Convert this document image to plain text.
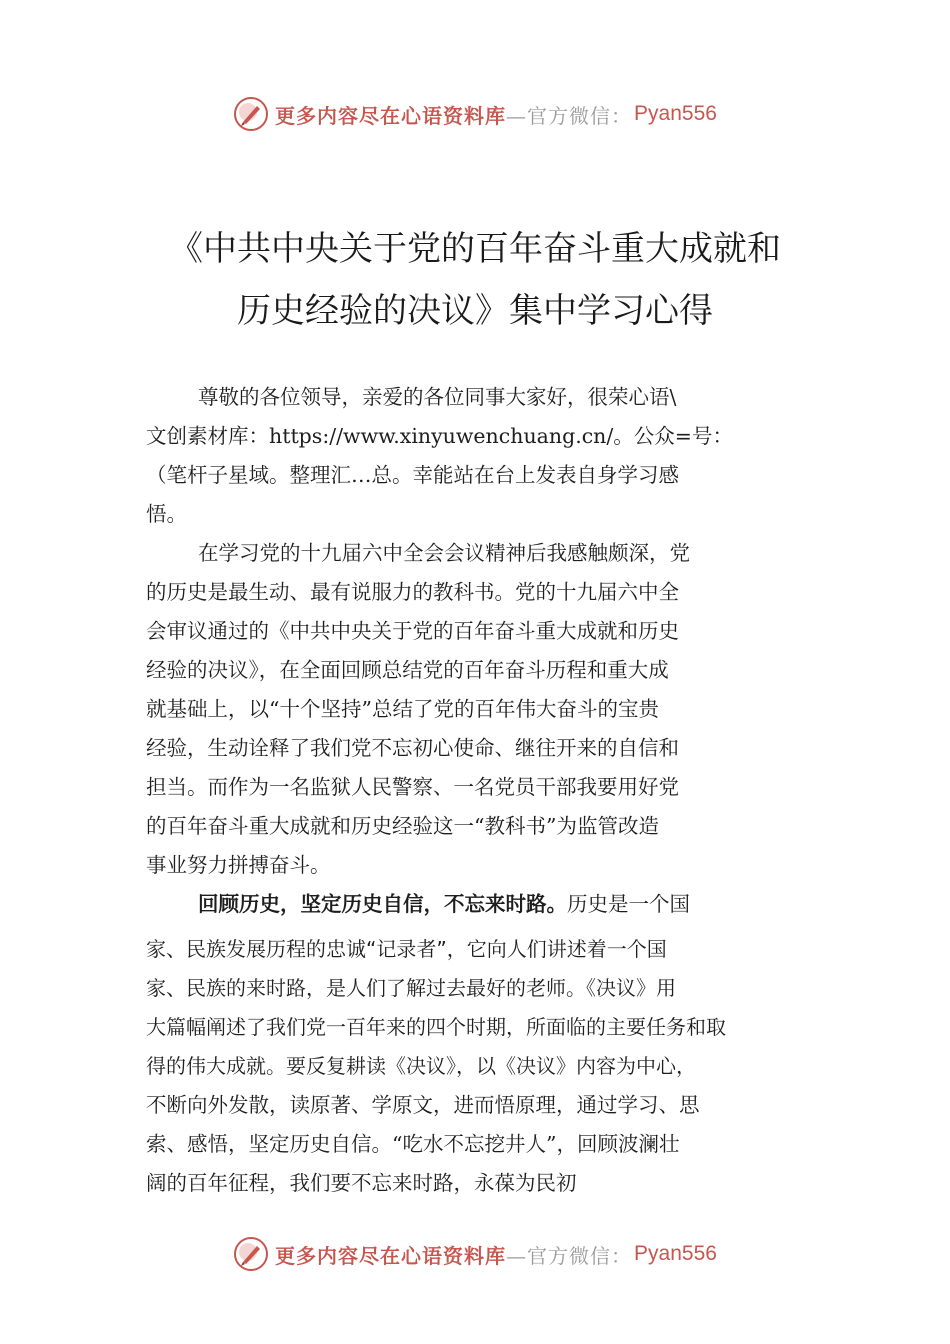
更多内容尽在心语资料库 —官方微信： Pyan556
《中共中央关于党的百年奋斗重大成就和
历史经验的决议》集中学习心得
尊敬的各位领导，亲爱的各位同事大家好，很荣心语\
文创素材库：https://www.xinyuwenchuang.cn/。公众=号：
（笔杆子星域。整理汇…总。幸能站在台上发表自身学习感
悟。
在学习党的十九届六中全会会议精神后我感触颇深，党
的历史是最生动、最有说服力的教科书。党的十九届六中全
会审议通过的《中共中央关于党的百年奋斗重大成就和历史
经验的决议》，在全面回顾总结党的百年奋斗历程和重大成
就基础上，以“十个坚持”总结了党的百年伟大奋斗的宝贵
经验，生动诠释了我们党不忘初心使命、继往开来的自信和
担当。而作为一名监狱人民警察、一名党员干部我要用好党
的百年奋斗重大成就和历史经验这一“教科书”为监管改造
事业努力拼搏奋斗。
回顾历史，坚定历史自信，不忘来时路。历史是一个国
家、民族发展历程的忠诚“记录者”，它向人们讲述着一个国
家、民族的来时路，是人们了解过去最好的老师。《决议》用
大篇幅阐述了我们党一百年来的四个时期，所面临的主要任务和取
得的伟大成就。要反复耕读《决议》，以《决议》内容为中心，
不断向外发散，读原著、学原文，进而悟原理，通过学习、思
索、感悟，坚定历史自信。“吃水不忘挖井人”，回顾波澜壮
阔的百年征程，我们要不忘来时路，永葆为民初
更多内容尽在心语资料库 —官方微信： Pyan556
